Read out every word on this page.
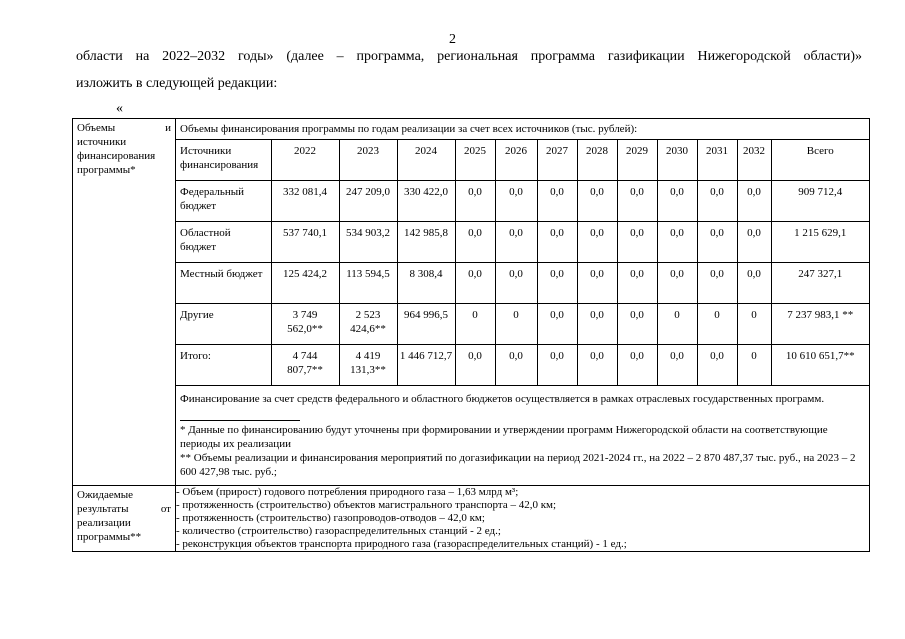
2
области на 2022–2032 годы» (далее – программа, региональная программа газификации Нижегородской области)»
изложить в следующей редакции:
«
Объемы и источники финансирования программы*

Объемы финансирования программы по годам реализации за счет всех источников (тыс. рублей):
Источники финансирования	2022	2023	2024	2025	2026	2027	2028	2029	2030	2031	2032	Всего
Федеральный бюджет	332 081,4	247 209,0	330 422,0	0,0	0,0	0,0	0,0	0,0	0,0	0,0	0,0	909 712,4
Областной бюджет	537 740,1	534 903,2	142 985,8	0,0	0,0	0,0	0,0	0,0	0,0	0,0	0,0	1 215 629,1
Местный бюджет	125 424,2	113 594,5	8 308,4	0,0	0,0	0,0	0,0	0,0	0,0	0,0	0,0	247 327,1
Другие	3 749 562,0**	2 523 424,6**	964 996,5	0	0	0,0	0,0	0,0	0	0	0	7 237 983,1 **
Итого:	4 744 807,7**	4 419 131,3**	1 446 712,7	0,0	0,0	0,0	0,0	0,0	0,0	0,0	0	10 610 651,7**
Финансирование за счет средств федерального и областного бюджетов осуществляется в рамках отраслевых государственных программ.
* Данные по финансированию будут уточнены при формировании и утверждении программ Нижегородской области на соответствующие периоды их реализации
** Объемы реализации и финансирования мероприятий по догазификации на период 2021-2024 гг., на 2022 – 2 870 487,37 тыс. руб., на 2023 – 2 600 427,98 тыс. руб.;

Ожидаемые результаты от реализации программы**

- Объем (прирост) годового потребления природного газа – 1,63 млрд м³;
- протяженность (строительство) объектов магистрального транспорта – 42,0 км;
- протяженность (строительство) газопроводов-отводов – 42,0 км;
- количество (строительство) газораспределительных станций - 2 ед.;
- реконструкция объектов транспорта природного газа (газораспределительных станций) - 1 ед.;
